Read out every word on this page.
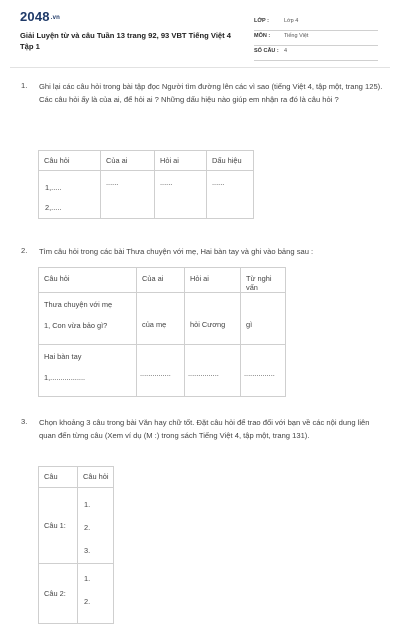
2048.vn
Giải Luyện từ và câu Tuần 13 trang 92, 93 VBT Tiếng Việt 4 Tập 1
LỚP :	Lớp 4
MÔN :	Tiếng Việt
SỐ CÂU : 4
1. Ghi lại các câu hỏi trong bài tập đọc Người tìm đường lên các vì sao (tiếng Việt 4, tập một, trang 125). Các câu hỏi ấy là của ai, để hỏi ai ? Những dấu hiệu nào giúp em nhận ra đó là câu hỏi ?
Câu hỏi	Của ai	Hỏi ai	Dấu hiệu

1,.....
2,.....	......	......	......
2. Tìm câu hỏi trong các bài Thưa chuyện với mẹ, Hai bàn tay và ghi vào bảng sau :
Câu hỏi	Của ai	Hỏi ai	Từ nghi vấn

Thưa chuyện với mẹ
1, Con vừa bảo gì?	của mẹ	hỏi Cương	gì

Hai bàn tay
1,.................	...............	...............	...............
3. Chọn khoảng 3 câu trong bài Văn hay chữ tốt. Đặt câu hỏi để trao đổi với bạn về các nội dung liên quan đến từng câu (Xem ví dụ (M :) trong sách Tiếng Việt 4, tập một, trang 131).
Câu	Câu hỏi
Câu 1:	1.
2.
3.

Câu 2:	1.
2.
